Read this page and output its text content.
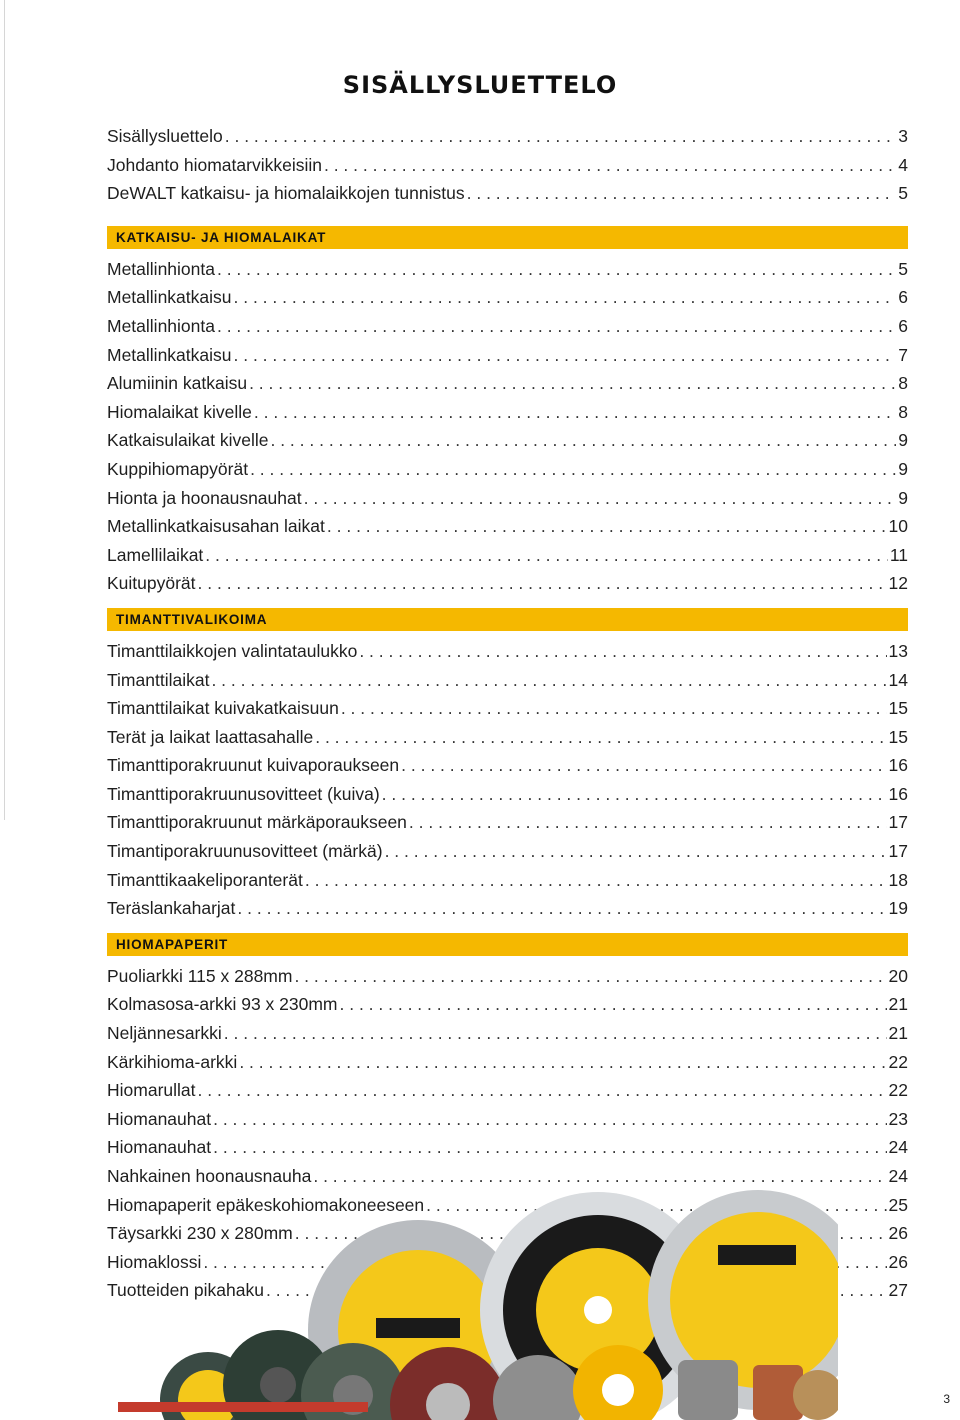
SISÄLLYSLUETTELO
Sisällysluettelo . . .	3
Johdanto hiomatarvikkeisiin . . .	4
DeWALT katkaisu- ja hiomalaikkojen tunnistus . . .	5
KATKAISU- JA HIOMALAIKAT
Metallinhionta . . .	5
Metallinkatkaisu . . .	6
Metallinhionta . . .	6
Metallinkatkaisu . . .	7
Alumiinin katkaisu . . .	8
Hiomalaikat kivelle . . .	8
Katkaisulaikat kivelle . . .	9
Kuppihiomapyörät . . .	9
Hionta ja hoonausnauhat . . .	9
Metallinkatkaisusahan laikat . . .	10
Lamellilaikat . . .	11
Kuitupyörät . . .	12
TIMANTTIVALIKOIMA
Timanttilaikkojen valintataulukko . . .	13
Timanttilaikat . . .	14
Timanttilaikat kuivakatkaisuun . . .	15
Terät ja laikat laattasahalle . . .	15
Timanttiporakruunut kuivaporaukseen . . .	16
Timanttiporakruunusovitteet (kuiva) . . .	16
Timanttiporakruunut märkäporaukseen . . .	17
Timantiporakruunusovitteet (märkä) . . .	17
Timanttikaakeliporanterät . . .	18
Teräslankaharjat . . .	19
HIOMAPAPERIT
Puoliarkki 115 x 288mm . . .	20
Kolmasosa-arkki 93 x 230mm . . .	21
Neljännesarkki . . .	21
Kärkihioma-arkki . . .	22
Hiomarullat . . .	22
Hiomanauhat . . .	23
Hiomanauhat . . .	24
Nahkainen hoonausnauha . . .	24
Hiomapaperit epäkeskohiomakoneeseen . . .	25
Täysarkki 230 x 280mm . . .	26
Hiomaklossi . . .	26
Tuotteiden pikahaku . . .	27
3
